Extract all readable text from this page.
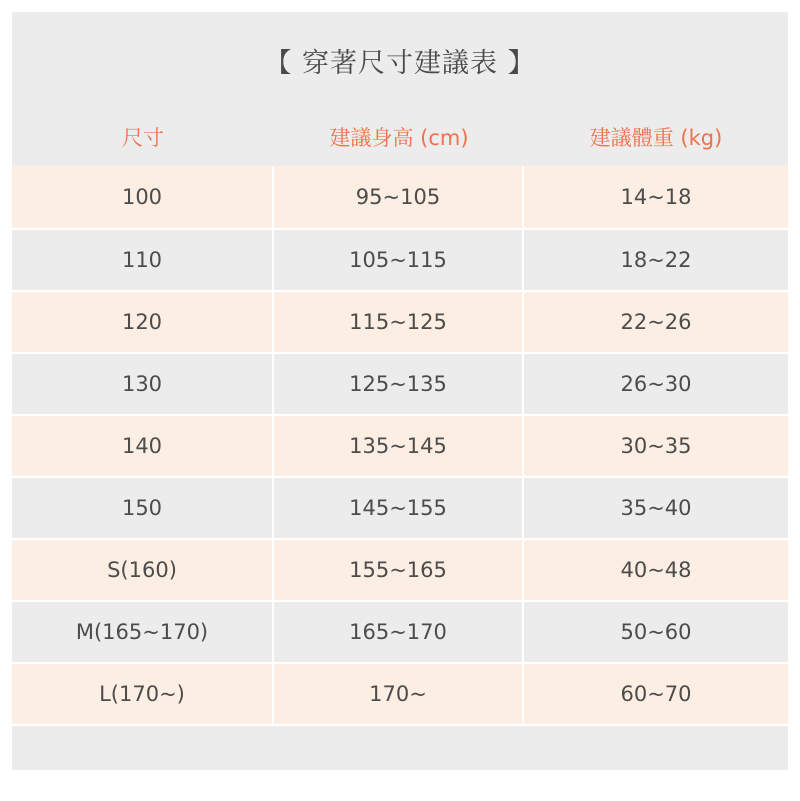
【 穿著尺寸建議表 】
尺寸	建議身高 (cm)	建議體重 (kg)
100	95~105	14~18
110	105~115	18~22
120	115~125	22~26
130	125~135	26~30
140	135~145	30~35
150	145~155	35~40
S(160)	155~165	40~48
M(165~170)	165~170	50~60
L(170~)	170~	60~70
